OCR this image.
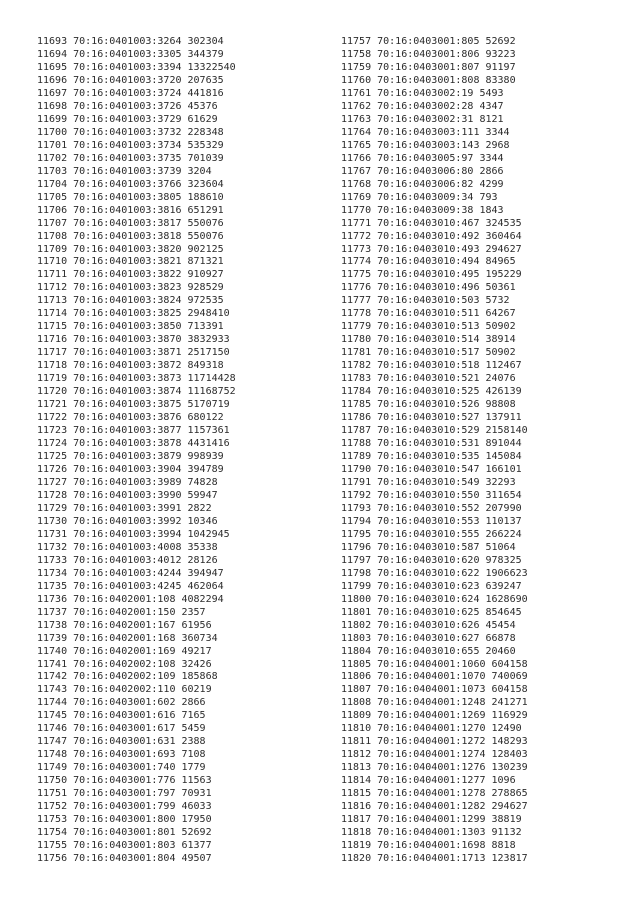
11693 70:16:0401003:3264 302304
11694 70:16:0401003:3305 344379
11695 70:16:0401003:3394 13322540
11696 70:16:0401003:3720 207635
11697 70:16:0401003:3724 441816
11698 70:16:0401003:3726 45376
11699 70:16:0401003:3729 61629
11700 70:16:0401003:3732 228348
11701 70:16:0401003:3734 535329
11702 70:16:0401003:3735 701039
11703 70:16:0401003:3739 3204
11704 70:16:0401003:3766 323604
11705 70:16:0401003:3805 188610
11706 70:16:0401003:3816 651291
11707 70:16:0401003:3817 550076
11708 70:16:0401003:3818 550076
11709 70:16:0401003:3820 902125
11710 70:16:0401003:3821 871321
11711 70:16:0401003:3822 910927
11712 70:16:0401003:3823 928529
11713 70:16:0401003:3824 972535
11714 70:16:0401003:3825 2948410
11715 70:16:0401003:3850 713391
11716 70:16:0401003:3870 3832933
11717 70:16:0401003:3871 2517150
11718 70:16:0401003:3872 849318
11719 70:16:0401003:3873 11714428
11720 70:16:0401003:3874 11168752
11721 70:16:0401003:3875 5170719
11722 70:16:0401003:3876 680122
11723 70:16:0401003:3877 1157361
11724 70:16:0401003:3878 4431416
11725 70:16:0401003:3879 998939
11726 70:16:0401003:3904 394789
11727 70:16:0401003:3989 74828
11728 70:16:0401003:3990 59947
11729 70:16:0401003:3991 2822
11730 70:16:0401003:3992 10346
11731 70:16:0401003:3994 1042945
11732 70:16:0401003:4008 35338
11733 70:16:0401003:4012 28126
11734 70:16:0401003:4244 394947
11735 70:16:0401003:4245 462064
11736 70:16:0402001:108 4082294
11737 70:16:0402001:150 2357
11738 70:16:0402001:167 61956
11739 70:16:0402001:168 360734
11740 70:16:0402001:169 49217
11741 70:16:0402002:108 32426
11742 70:16:0402002:109 185868
11743 70:16:0402002:110 60219
11744 70:16:0403001:602 2866
11745 70:16:0403001:616 7165
11746 70:16:0403001:617 5459
11747 70:16:0403001:631 2388
11748 70:16:0403001:693 7108
11749 70:16:0403001:740 1779
11750 70:16:0403001:776 11563
11751 70:16:0403001:797 70931
11752 70:16:0403001:799 46033
11753 70:16:0403001:800 17950
11754 70:16:0403001:801 52692
11755 70:16:0403001:803 61377
11756 70:16:0403001:804 49507
11757 70:16:0403001:805 52692
11758 70:16:0403001:806 93223
11759 70:16:0403001:807 91197
11760 70:16:0403001:808 83380
11761 70:16:0403002:19 5493
11762 70:16:0403002:28 4347
11763 70:16:0403002:31 8121
11764 70:16:0403003:111 3344
11765 70:16:0403003:143 2968
11766 70:16:0403005:97 3344
11767 70:16:0403006:80 2866
11768 70:16:0403006:82 4299
11769 70:16:0403009:34 793
11770 70:16:0403009:38 1843
11771 70:16:0403010:467 324535
11772 70:16:0403010:492 360464
11773 70:16:0403010:493 294627
11774 70:16:0403010:494 84965
11775 70:16:0403010:495 195229
11776 70:16:0403010:496 50361
11777 70:16:0403010:503 5732
11778 70:16:0403010:511 64267
11779 70:16:0403010:513 50902
11780 70:16:0403010:514 38914
11781 70:16:0403010:517 50902
11782 70:16:0403010:518 112467
11783 70:16:0403010:521 24076
11784 70:16:0403010:525 426139
11785 70:16:0403010:526 98808
11786 70:16:0403010:527 137911
11787 70:16:0403010:529 2158140
11788 70:16:0403010:531 891044
11789 70:16:0403010:535 145084
11790 70:16:0403010:547 166101
11791 70:16:0403010:549 32293
11792 70:16:0403010:550 311654
11793 70:16:0403010:552 207990
11794 70:16:0403010:553 110137
11795 70:16:0403010:555 266224
11796 70:16:0403010:587 51064
11797 70:16:0403010:620 978325
11798 70:16:0403010:622 1906623
11799 70:16:0403010:623 639247
11800 70:16:0403010:624 1628690
11801 70:16:0403010:625 854645
11802 70:16:0403010:626 45454
11803 70:16:0403010:627 66878
11804 70:16:0403010:655 20460
11805 70:16:0404001:1060 604158
11806 70:16:0404001:1070 740069
11807 70:16:0404001:1073 604158
11808 70:16:0404001:1248 241271
11809 70:16:0404001:1269 116929
11810 70:16:0404001:1270 12490
11811 70:16:0404001:1272 148293
11812 70:16:0404001:1274 128403
11813 70:16:0404001:1276 130239
11814 70:16:0404001:1277 1096
11815 70:16:0404001:1278 278865
11816 70:16:0404001:1282 294627
11817 70:16:0404001:1299 38819
11818 70:16:0404001:1303 91132
11819 70:16:0404001:1698 8818
11820 70:16:0404001:1713 123817
